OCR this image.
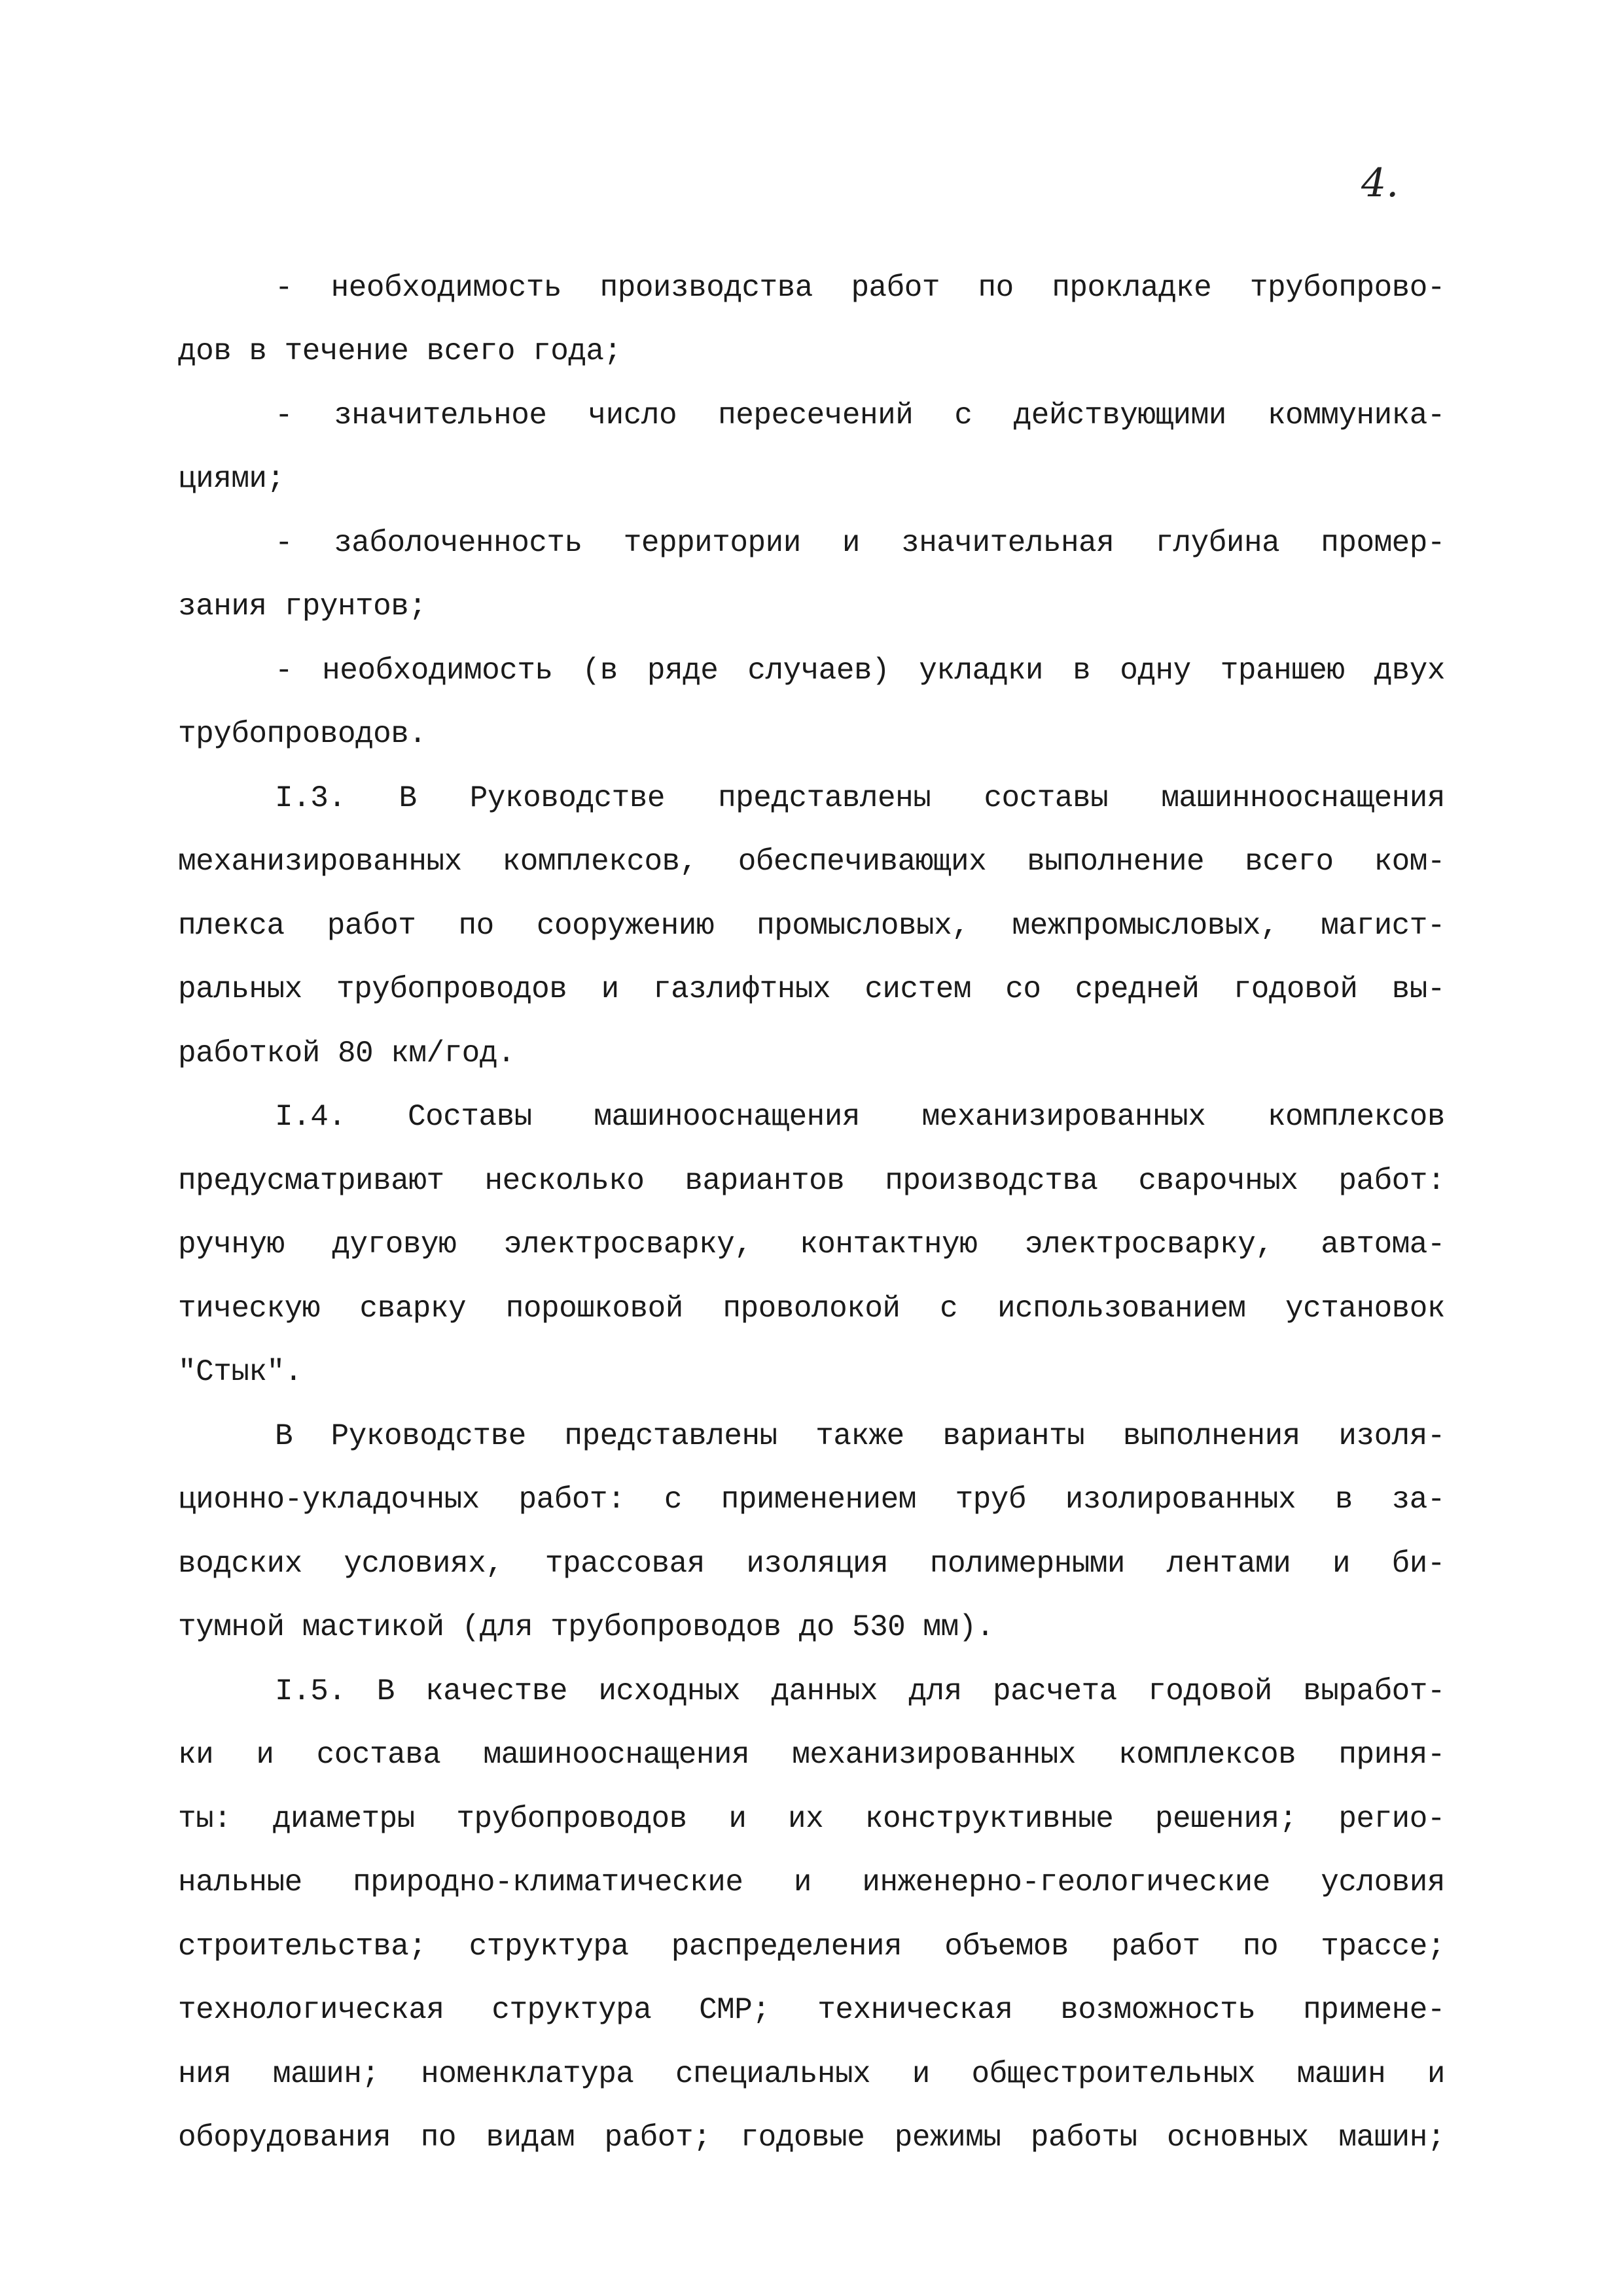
4.
- необходимость производства работ по прокладке трубопрово-
дов в течение всего года;
- значительное число пересечений с действующими коммуника-
циями;
- заболоченность территории и значительная глубина промер-
зания грунтов;
- необходимость (в ряде случаев) укладки в одну траншею двух
трубопроводов.
I.3. В Руководстве представлены составы машиннооснащения
механизированных комплексов, обеспечивающих выполнение всего ком-
плекса работ по сооружению промысловых, межпромысловых, магист-
ральных трубопроводов и газлифтных систем со средней годовой вы-
работкой 80 км/год.
I.4. Составы машинооснащения механизированных комплексов
предусматривают несколько вариантов производства сварочных работ:
ручную дуговую электросварку, контактную электросварку, автома-
тическую сварку порошковой проволокой с использованием установок
"Стык".
В Руководстве представлены также варианты выполнения изоля-
ционно-укладочных работ: с применением труб изолированных в за-
водских условиях, трассовая изоляция полимерными лентами и би-
тумной мастикой (для трубопроводов до 530 мм).
I.5. В качестве исходных данных для расчета годовой выработ-
ки и состава машинооснащения механизированных комплексов приня-
ты: диаметры трубопроводов и их конструктивные решения; регио-
нальные природно-климатические и инженерно-геологические условия
строительства; структура распределения объемов работ по трассе;
технологическая структура СМР; техническая возможность примене-
ния машин; номенклатура специальных и общестроительных машин и
оборудования по видам работ; годовые режимы работы основных машин;
